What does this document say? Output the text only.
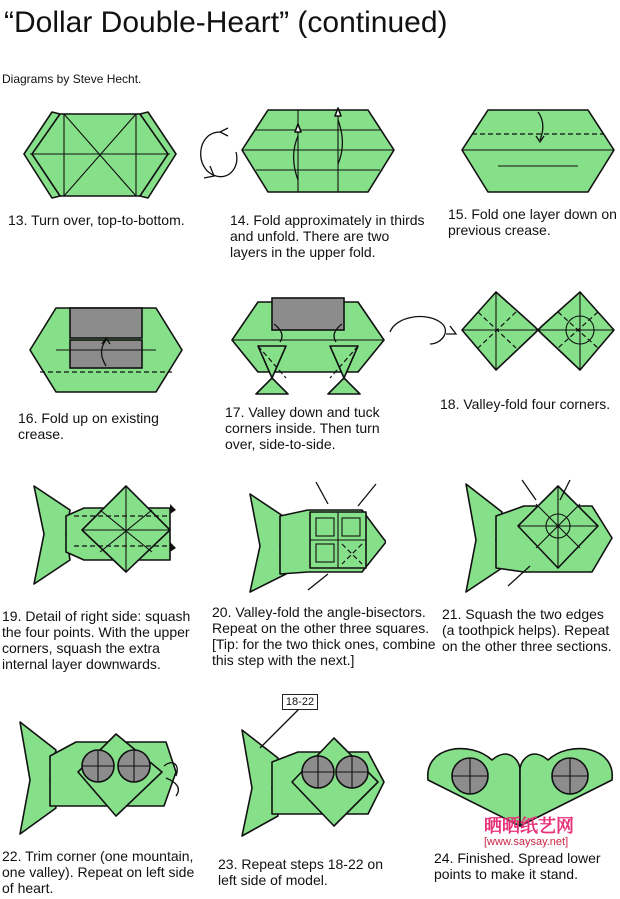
“Dollar Double-Heart” (continued)
Diagrams by Steve Hecht.
13. Turn over, top-to-bottom.	14. Fold approximately in thirds and unfold. There are two layers in the upper fold.
15. Fold one layer down on previous crease.
16. Fold up on existing crease.
17. Valley down and tuck corners inside. Then turn over, side-to-side.
18. Valley-fold four corners.
19. Detail of right side: squash the four points. With the upper corners, squash the extra internal layer downwards.
20. Valley-fold the angle-bisectors. Repeat on the other three squares. [Tip: for the two thick ones, combine this step with the next.]
21. Squash the two edges (a toothpick helps). Repeat on the other three sections.
18-22
22. Trim corner (one mountain, one valley). Repeat on left side of heart.
23. Repeat steps 18-22 on left side of model.
24. Finished. Spread lower points to make it stand.
晒晒纸艺网
[www.saysay.net]
